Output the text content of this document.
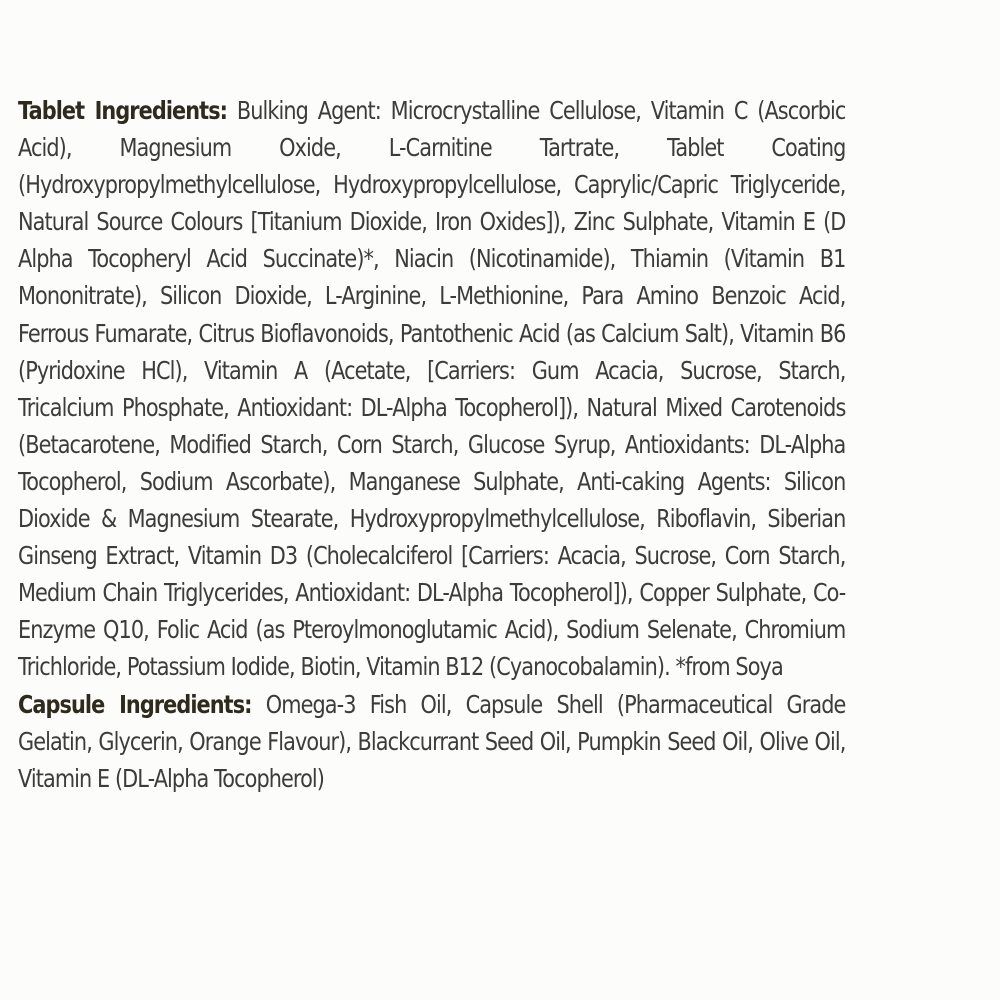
Tablet Ingredients: Bulking Agent: Microcrystalline Cellulose, Vitamin C (Ascorbic Acid), Magnesium Oxide, L-Carnitine Tartrate, Tablet Coating (Hydroxypropylmethylcellulose, Hydroxypropylcellulose, Caprylic/Capric Triglyceride, Natural Source Colours [Titanium Dioxide, Iron Oxides]), Zinc Sulphate, Vitamin E (D Alpha Tocopheryl Acid Succinate)*, Niacin (Nicotinamide), Thiamin (Vitamin B1 Mononitrate), Silicon Dioxide, L-Arginine, L-Methionine, Para Amino Benzoic Acid, Ferrous Fumarate, Citrus Bioflavonoids, Pantothenic Acid (as Calcium Salt), Vitamin B6 (Pyridoxine HCl), Vitamin A (Acetate, [Carriers: Gum Acacia, Sucrose, Starch, Tricalcium Phosphate, Antioxidant: DL-Alpha Tocopherol]), Natural Mixed Carotenoids (Betacarotene, Modified Starch, Corn Starch, Glucose Syrup, Antioxidants: DL-Alpha Tocopherol, Sodium Ascorbate), Manganese Sulphate, Anti-caking Agents: Silicon Dioxide & Magnesium Stearate, Hydroxypropylmethylcellulose, Riboflavin, Siberian Ginseng Extract, Vitamin D3 (Cholecalciferol [Carriers: Acacia, Sucrose, Corn Starch, Medium Chain Triglycerides, Antioxidant: DL-Alpha Tocopherol]), Copper Sulphate, Co-Enzyme Q10, Folic Acid (as Pteroylmonoglutamic Acid), Sodium Selenate, Chromium Trichloride, Potassium Iodide, Biotin, Vitamin B12 (Cyanocobalamin). *from Soya

Capsule Ingredients: Omega-3 Fish Oil, Capsule Shell (Pharmaceutical Grade Gelatin, Glycerin, Orange Flavour), Blackcurrant Seed Oil, Pumpkin Seed Oil, Olive Oil, Vitamin E (DL-Alpha Tocopherol)
